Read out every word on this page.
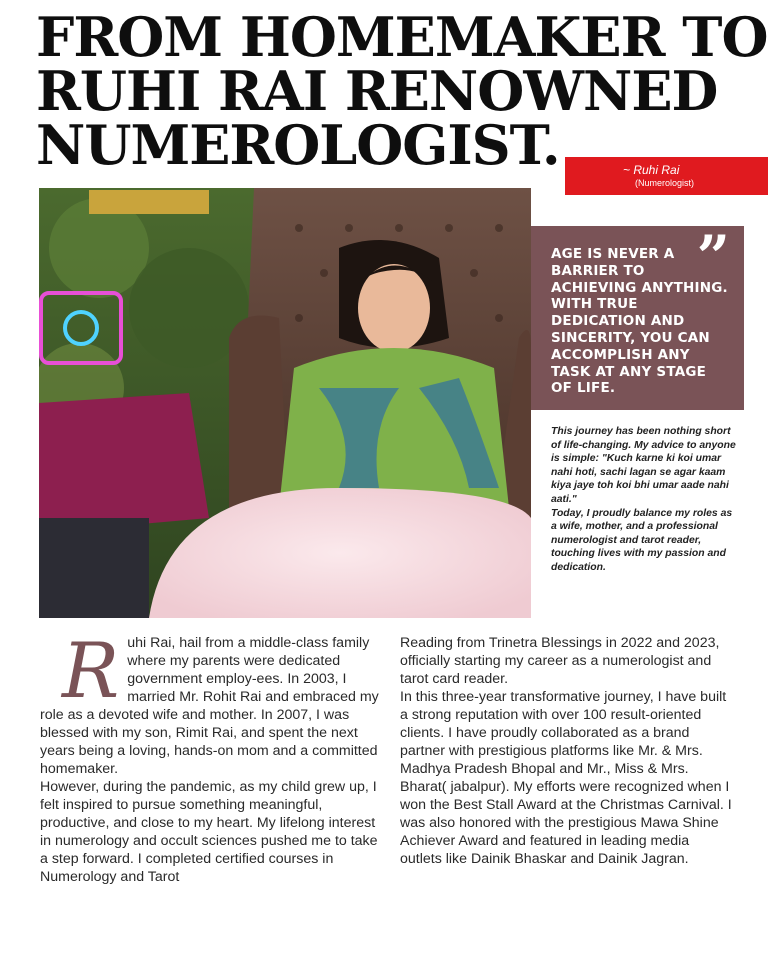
FROM HOMEMAKER TO
RUHI RAI RENOWNED
NUMEROLOGIST.	~ Ruhi Rai
(Numerologist)
”
AGE IS NEVER A BARRIER TO ACHIEVING ANYTHING. WITH TRUE DEDICATION AND SINCERITY, YOU CAN ACCOMPLISH ANY TASK AT ANY STAGE OF LIFE.

This journey has been nothing short of life-changing. My advice to anyone is simple: "Kuch karne ki koi umar nahi hoti, sachi lagan se agar kaam kiya jaye toh koi bhi umar aade nahi aati."

Today, I proudly balance my roles as a wife, mother, and a professional numerologist and tarot reader, touching lives with my passion and dedication.

R uhi Rai, hail from a middle-class family where my parents were dedicated government employ-ees. In 2003, I married Mr. Rohit Rai and embraced my role as a devoted wife and mother. In 2007, I was blessed with my son, Rimit Rai, and spent the next years being a loving, hands-on mom and a committed homemaker.

However, during the pandemic, as my child grew up, I felt inspired to pursue something meaningful, productive, and close to my heart. My lifelong interest in numerology and occult sciences pushed me to take a step forward. I completed certified courses in Numerology and Tarot

Reading from Trinetra Blessings in 2022 and 2023, officially starting my career as a numerologist and tarot card reader.

In this three-year transformative journey, I have built a strong reputation with over 100 result-oriented clients. I have proudly collaborated as a brand partner with prestigious platforms like Mr. & Mrs. Madhya Pradesh Bhopal and Mr., Miss & Mrs. Bharat( jabalpur). My efforts were recognized when I won the Best Stall Award at the Christmas Carnival. I was also honored with the prestigious Mawa Shine Achiever Award and featured in leading media outlets like Dainik Bhaskar and Dainik Jagran.
